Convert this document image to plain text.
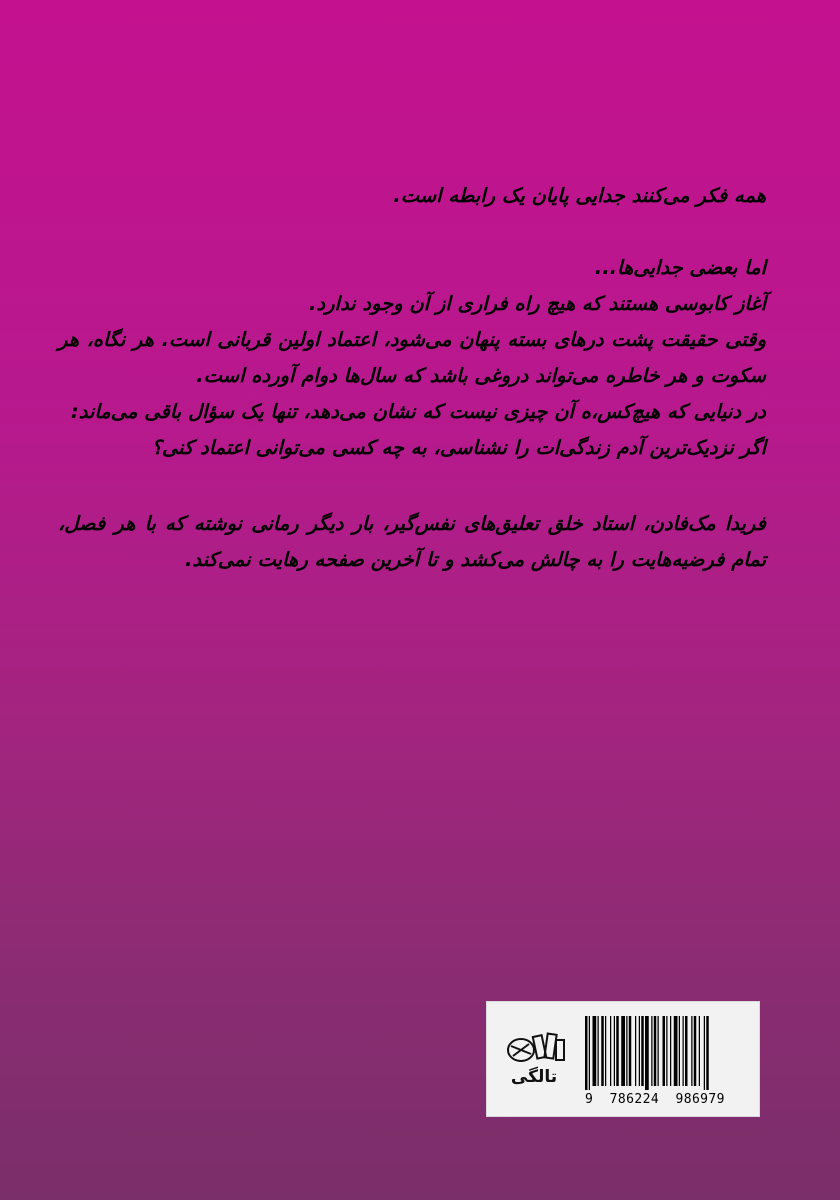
همه فکر می‌کنند جدایی پایان یک رابطه است.

اما بعضی جدایی‌ها...

آغاز کابوسی هستند که هیچ راه فراری از آن وجود ندارد.

وقتی حقیقت پشت درهای بسته پنهان می‌شود، اعتماد اولین قربانی است. هر نگاه، هر سکوت و هر خاطره می‌تواند دروغی باشد که سال‌ها دوام آورده است.

در دنیایی که هیچ‌کس،ه آن چیزی نیست که نشان می‌دهد، تنها یک سؤال باقی می‌ماند:

اگر نزدیک‌ترین آدم زندگی‌ات را نشناسی، به چه کسی می‌توانی اعتماد کنی؟

فریدا مک‌فادن، استاد خلق تعلیق‌های نفس‌گیر، بار دیگر رمانی نوشته که با هر فصل، تمام فرضیه‌هایت را به چالش می‌کشد و تا آخرین صفحه رهایت نمی‌کند.

تالگی
9  786224  986979
